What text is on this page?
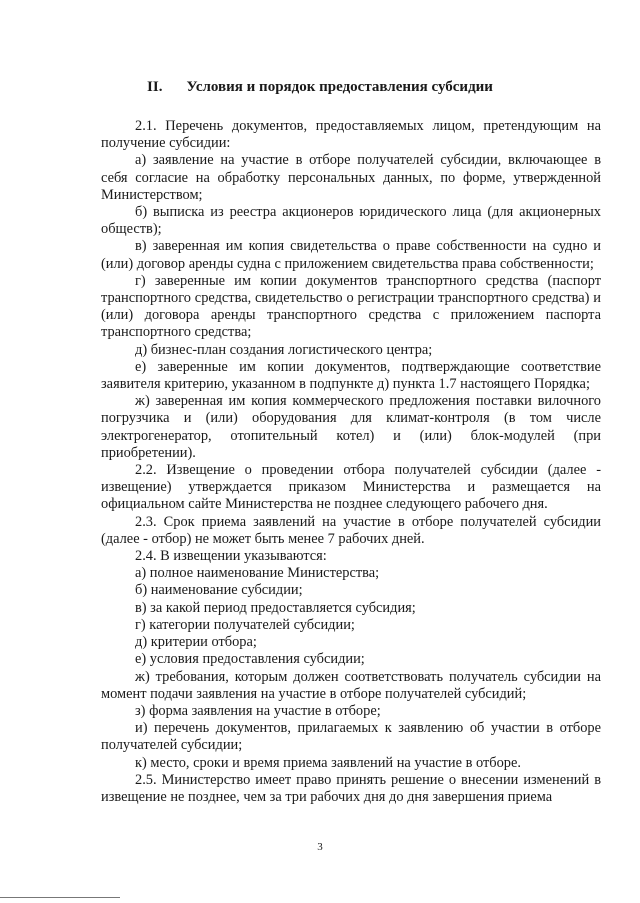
II. Условия и порядок предоставления субсидии

2.1. Перечень документов, предоставляемых лицом, претендующим на получение субсидии:

а) заявление на участие в отборе получателей субсидии, включающее в себя согласие на обработку персональных данных, по форме, утвержденной Министерством;

б) выписка из реестра акционеров юридического лица (для акционерных обществ);

в) заверенная им копия свидетельства о праве собственности на судно и (или) договор аренды судна с приложением свидетельства права собственности;

г) заверенные им копии документов транспортного средства (паспорт транспортного средства, свидетельство о регистрации транспортного средства) и (или) договора аренды транспортного средства с приложением паспорта транспортного средства;

д) бизнес-план создания логистического центра;

е) заверенные им копии документов, подтверждающие соответствие заявителя критерию, указанном в подпункте д) пункта 1.7 настоящего Порядка;

ж) заверенная им копия коммерческого предложения поставки вилочного погрузчика и (или) оборудования для климат-контроля (в том числе электрогенератор, отопительный котел) и (или) блок-модулей (при приобретении).

2.2. Извещение о проведении отбора получателей субсидии (далее - извещение) утверждается приказом Министерства и размещается на официальном сайте Министерства не позднее следующего рабочего дня.

2.3. Срок приема заявлений на участие в отборе получателей субсидии (далее - отбор) не может быть менее 7 рабочих дней.

2.4. В извещении указываются:

а) полное наименование Министерства;

б) наименование субсидии;

в) за какой период предоставляется субсидия;

г) категории получателей субсидии;

д) критерии отбора;

е) условия предоставления субсидии;

ж) требования, которым должен соответствовать получатель субсидии на момент подачи заявления на участие в отборе получателей субсидий;

з) форма заявления на участие в отборе;

и) перечень документов, прилагаемых к заявлению об участии в отборе получателей субсидии;

к) место, сроки и время приема заявлений на участие в отборе.

2.5. Министерство имеет право принять решение о внесении изменений в извещение не позднее, чем за три рабочих дня до дня завершения приема

3
